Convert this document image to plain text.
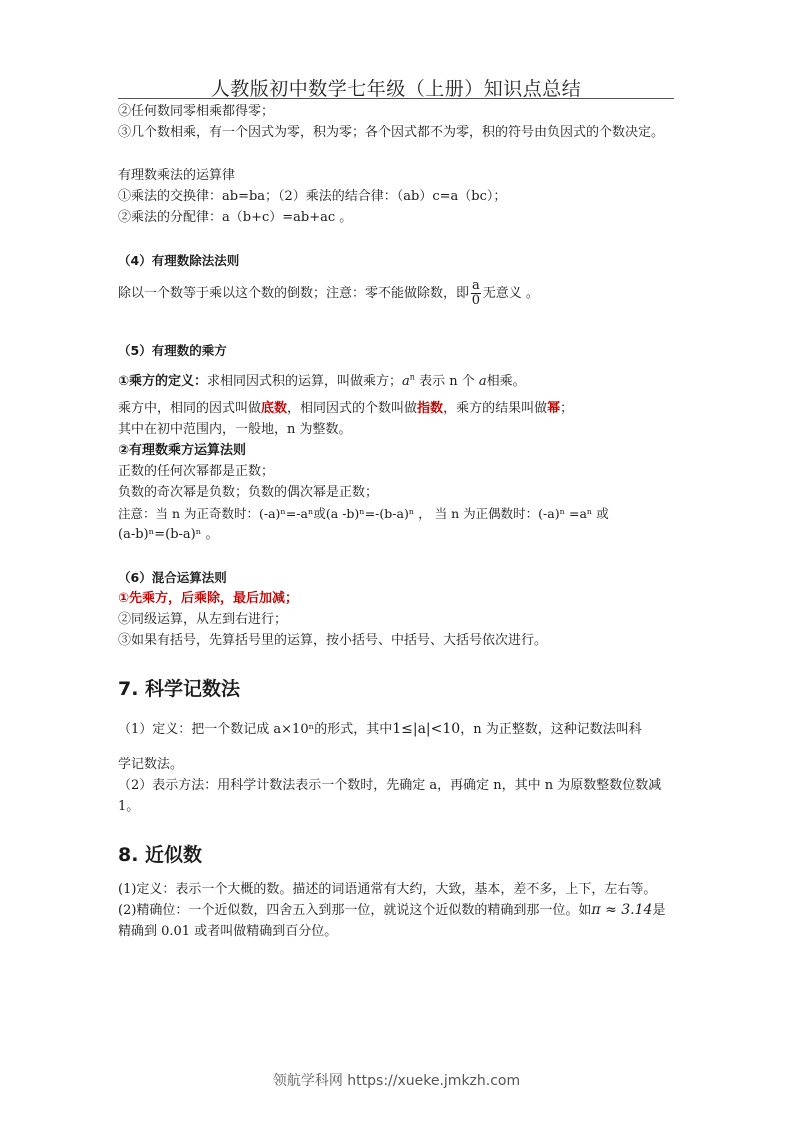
人教版初中数学七年级（上册）知识点总结
②任何数同零相乘都得零；
③几个数相乘，有一个因式为零，积为零；各个因式都不为零，积的符号由负因式的个数决定。
有理数乘法的运算律
①乘法的交换律：ab=ba；（2）乘法的结合律：（ab）c=a（bc）；
②乘法的分配律：a（b+c）=ab+ac 。
（4）有理数除法法则
除以一个数等于乘以这个数的倒数；注意：零不能做除数，即 $\frac{a}{0}$ 无意义 。
（5）有理数的乘方
①乘方的定义：求相同因式积的运算，叫做乘方；$a^n$ 表示 n 个 a相乘。
乘方中，相同的因式叫做底数，相同因式的个数叫做指数，乘方的结果叫做幂；
其中在初中范围内，一般地，n 为整数。
②有理数乘方运算法则
正数的任何次幂都是正数；
负数的奇次幂是负数；负数的偶次幂是正数；
注意：当 n 为正奇数时：(-a)ⁿ=-aⁿ或(a -b)ⁿ=-(b-a)ⁿ ， 当 n 为正偶数时：(-a)ⁿ =aⁿ 或
(a-b)ⁿ=(b-a)ⁿ 。
（6）混合运算法则
①先乘方，后乘除，最后加减；
②同级运算，从左到右进行；
③如果有括号，先算括号里的运算，按小括号、中括号、大括号依次进行。
7. 科学记数法
（1）定义：把一个数记成 a×10ⁿ的形式，其中1≤|a|<10，n 为正整数，这种记数法叫科
学记数法。
（2）表示方法：用科学计数法表示一个数时，先确定 a，再确定 n，其中 n 为原数整数位数减 1。
8. 近似数
(1)定义：表示一个大概的数。描述的词语通常有大约，大致，基本，差不多，上下，左右等。
(2)精确位：一个近似数，四舍五入到那一位，就说这个近似数的精确到那一位。如π ≈ 3.14是精确到 0.01 或者叫做精确到百分位。
领航学科网 https://xueke.jmkzh.com
